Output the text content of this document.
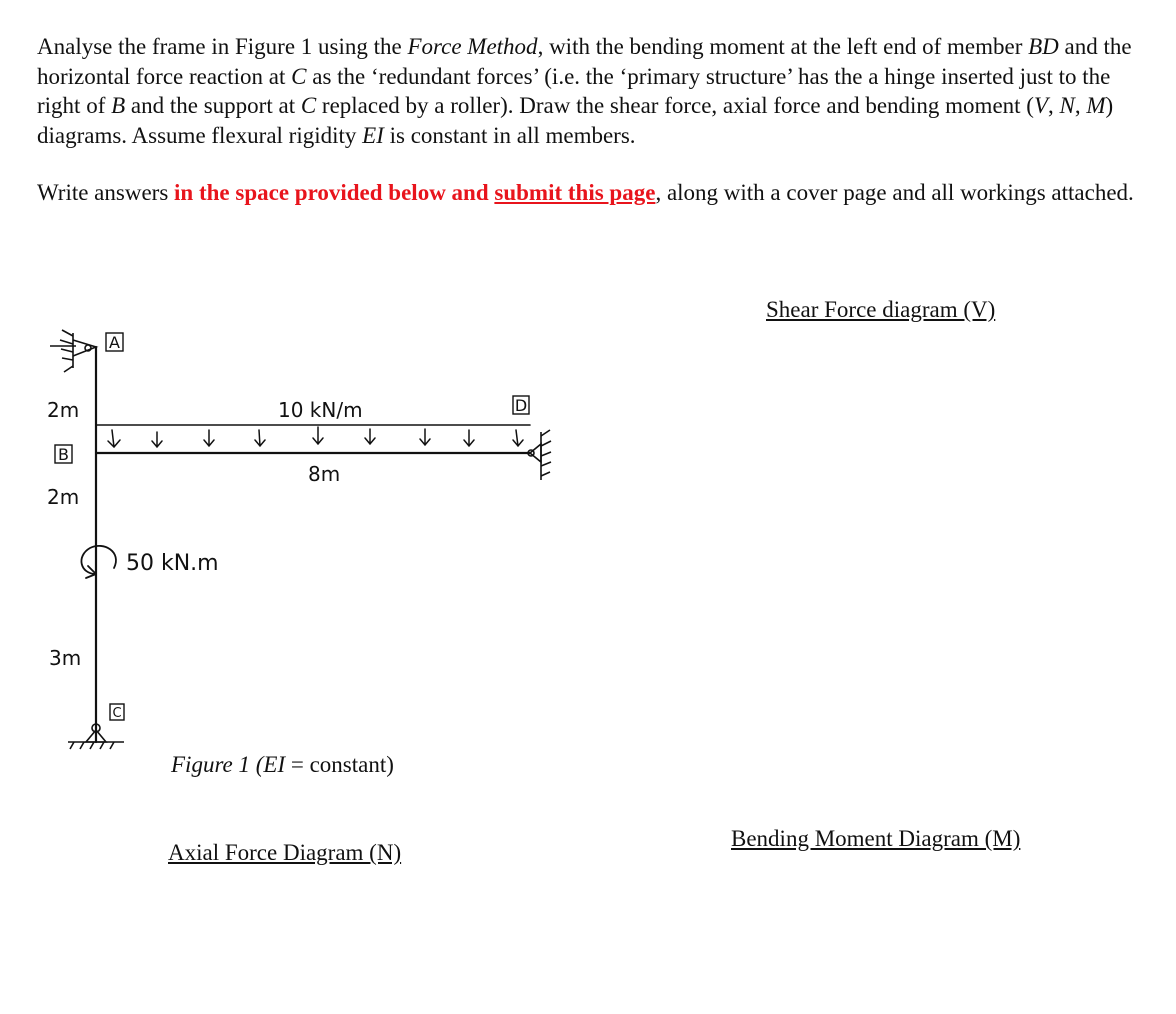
Analyse the frame in Figure 1 using the Force Method, with the bending moment at the left end of member BD and the horizontal force reaction at C as the ‘redundant forces’ (i.e. the ‘primary structure’ has the a hinge inserted just to the right of B and the support at C replaced by a roller). Draw the shear force, axial force and bending moment (V, N, M) diagrams. Assume flexural rigidity EI is constant in all members.

Write answers in the space provided below and submit this page, along with a cover page and all workings attached.

Shear Force diagram (V)
Axial Force Diagram (N)
Bending Moment Diagram (M)
A
B
C
D
2m
2m
3m
10 kN/m
8m
50 kN.m
Figure 1 (EI = constant)
